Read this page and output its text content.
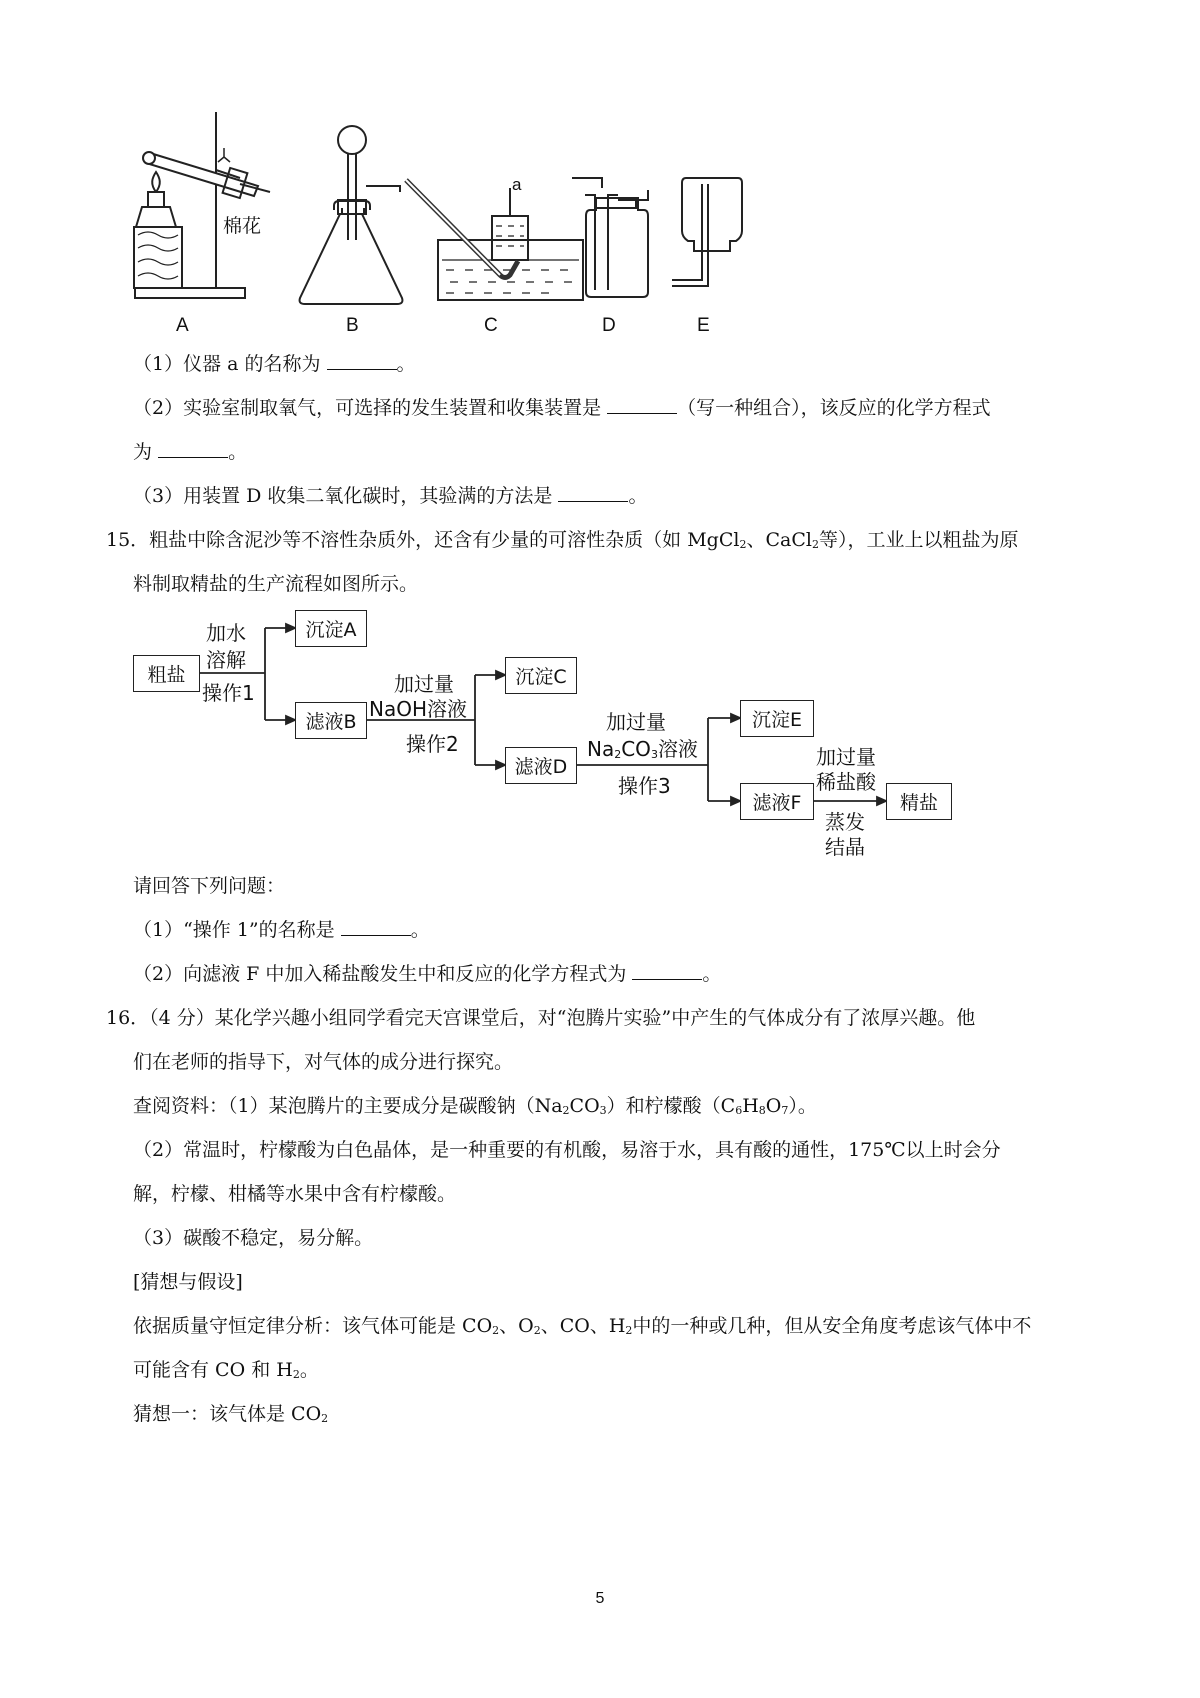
棉花
a
A	B	C	D	E
（1）仪器 a 的名称为	。
（2）实验室制取氧气，可选择的发生装置和收集装置是	（写一种组合），该反应的化学方程式
为	。
（3）用装置 D 收集二氧化碳时，其验满的方法是	。
15．粗盐中除含泥沙等不溶性杂质外，还含有少量的可溶性杂质（如 MgCl2、CaCl2等），工业上以粗盐为原
料制取精盐的生产流程如图所示。
粗盐
沉淀A
滤液B
沉淀C
滤液D
沉淀E
滤液F	精盐
加水
溶解
操作1	加过量
NaOH溶液
操作2
加过量
Na2CO3溶液
操作3
加过量
稀盐酸
蒸发
结晶
请回答下列问题：
（1）“操作 1”的名称是	。
（2）向滤液 F 中加入稀盐酸发生中和反应的化学方程式为	。
16．（4 分）某化学兴趣小组同学看完天宫课堂后，对“泡腾片实验”中产生的气体成分有了浓厚兴趣。他
们在老师的指导下，对气体的成分进行探究。
查阅资料：（1）某泡腾片的主要成分是碳酸钠（Na2CO3）和柠檬酸（C6H8O7）。
（2）常温时，柠檬酸为白色晶体，是一种重要的有机酸，易溶于水，具有酸的通性，175℃以上时会分
解，柠檬、柑橘等水果中含有柠檬酸。
（3）碳酸不稳定，易分解。
[猜想与假设]
依据质量守恒定律分析：该气体可能是 CO2、O2、CO、H2中的一种或几种，但从安全角度考虑该气体中不
可能含有 CO 和 H2。
猜想一：该气体是 CO2
5
